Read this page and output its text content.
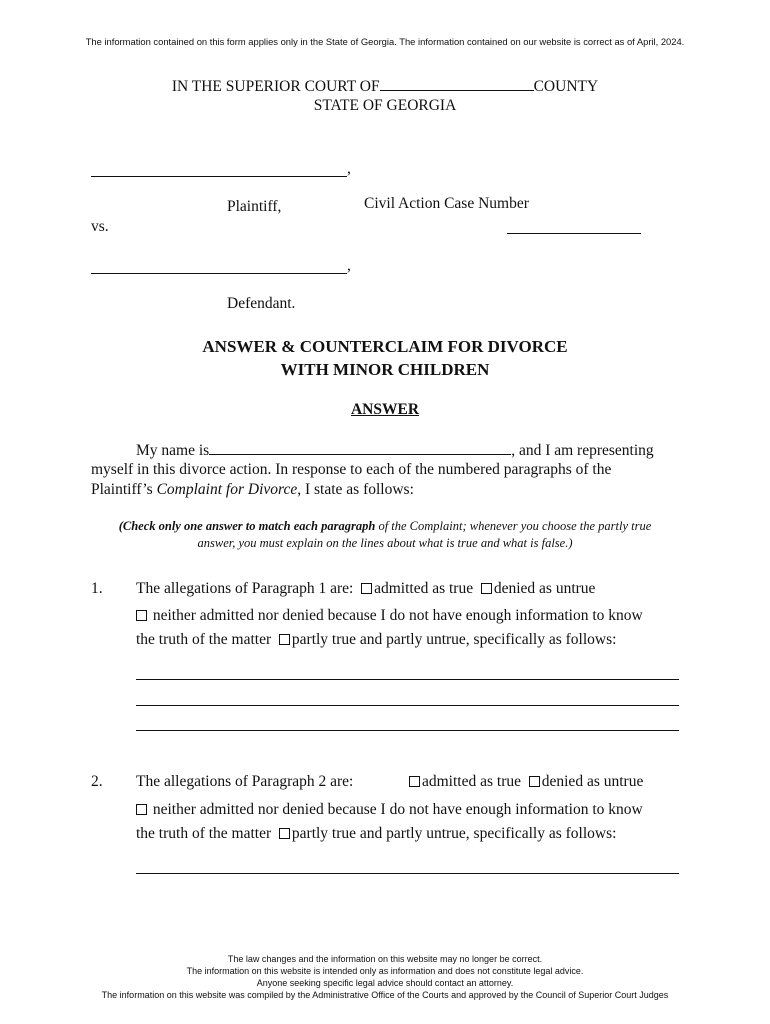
The information contained on this form applies only in the State of Georgia. The information contained on our website is correct as of April, 2024.
IN THE SUPERIOR COURT OF	COUNTY
STATE OF GEORGIA
,
Plaintiff,	Civil Action Case Number
vs.
,
Defendant.
ANSWER & COUNTERCLAIM FOR DIVORCE
WITH MINOR CHILDREN
ANSWER
My name is	, and I am representing
myself in this divorce action. In response to each of the numbered paragraphs of the
Plaintiff’s Complaint for Divorce, I state as follows:
(Check only one answer to match each paragraph of the Complaint; whenever you choose the partly true
answer, you must explain on the lines about what is true and what is false.)
1. The allegations of Paragraph 1 are: admitted as true denied as untrue
neither admitted nor denied because I do not have enough information to know
the truth of the matter partly true and partly untrue, specifically as follows:
2. The allegations of Paragraph 2 are:	admitted as true denied as untrue
neither admitted nor denied because I do not have enough information to know
the truth of the matter partly true and partly untrue, specifically as follows:
The law changes and the information on this website may no longer be correct.
The information on this website is intended only as information and does not constitute legal advice.
Anyone seeking specific legal advice should contact an attorney.
The information on this website was compiled by the Administrative Office of the Courts and approved by the Council of Superior Court Judges
